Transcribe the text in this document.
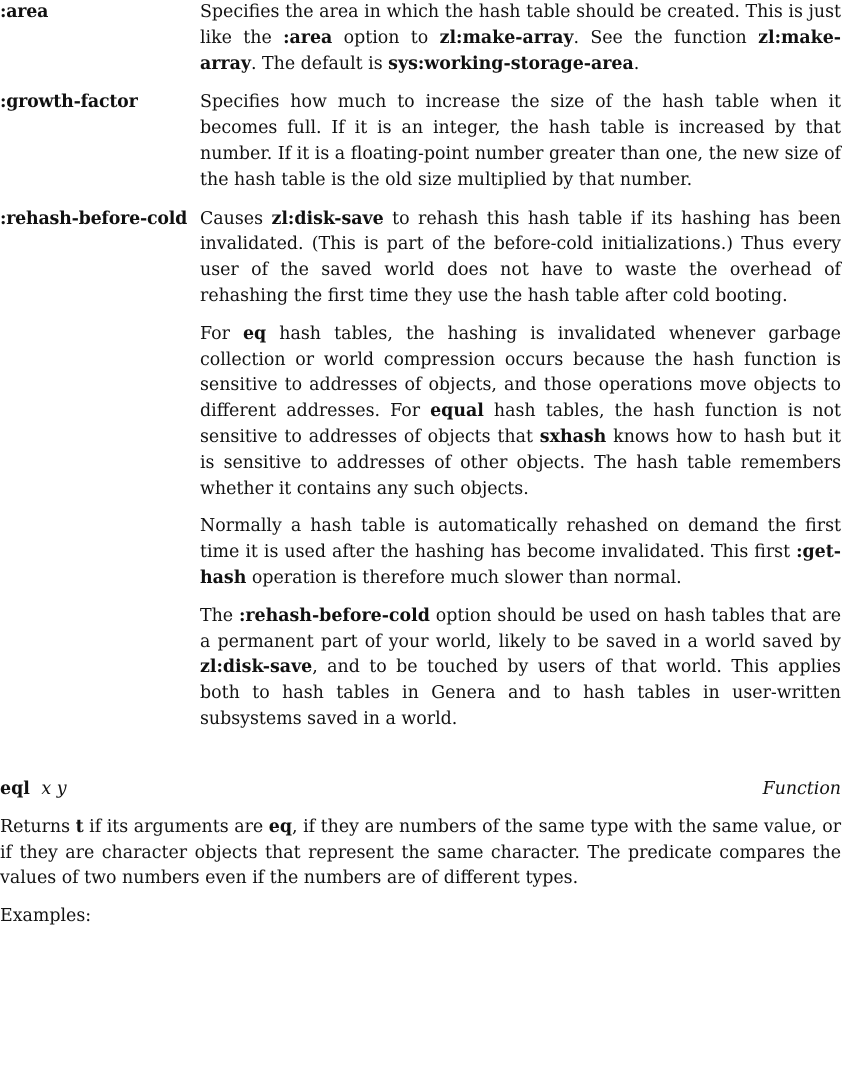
:area	Specifies the area in which the hash table should be created. This is just like the :area option to zl:make-array. See the function zl:make-array. The default is sys:working-storage-area.

:growth-factor	Specifies how much to increase the size of the hash table when it becomes full. If it is an integer, the hash table is increased by that number. If it is a floating-point number greater than one, the new size of the hash table is the old size multiplied by that number.

:rehash-before-cold Causes zl:disk-save to rehash this hash table if its hashing has been invalidated. (This is part of the before-cold initializations.) Thus every user of the saved world does not have to waste the overhead of rehashing the first time they use the hash table after cold booting.

For eq hash tables, the hashing is invalidated whenever garbage collection or world compression occurs because the hash function is sensitive to addresses of objects, and those operations move objects to different addresses. For equal hash tables, the hash function is not sensitive to addresses of objects that sxhash knows how to hash but it is sensitive to addresses of other objects. The hash table remembers whether it contains any such objects.

Normally a hash table is automatically rehashed on demand the first time it is used after the hashing has become invalidated. This first :get-hash operation is therefore much slower than normal.

The :rehash-before-cold option should be used on hash tables that are a permanent part of your world, likely to be saved in a world saved by zl:disk-save, and to be touched by users of that world. This applies both to hash tables in Genera and to hash tables in user-written subsystems saved in a world.

eql x y	Function

Returns t if its arguments are eq, if they are numbers of the same type with the same value, or if they are character objects that represent the same character. The predicate compares the values of two numbers even if the numbers are of different types.

Examples:
